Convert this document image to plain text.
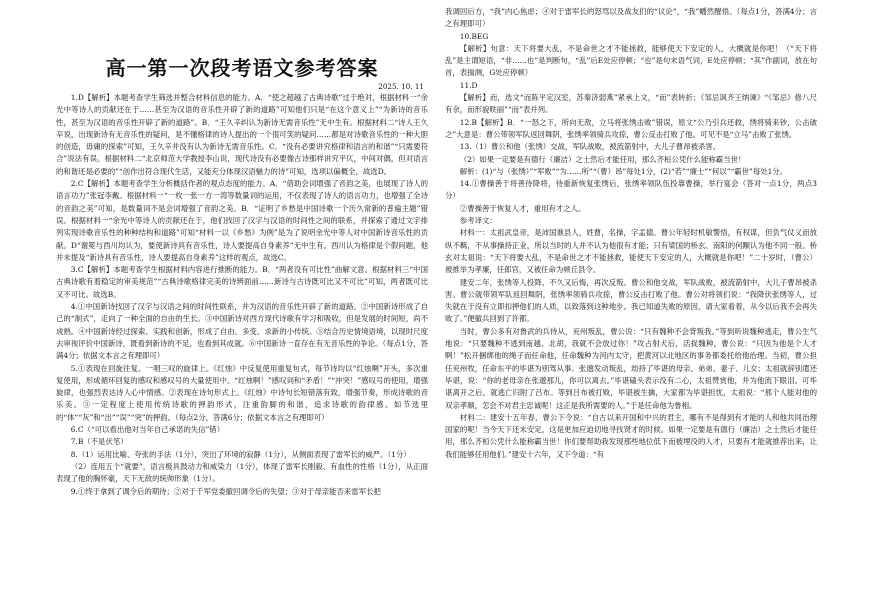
高一第一次段考语文参考答案
2025. 10. 11

1.D【解析】本题考查学生筛选并整合材料信息的能力。A．“使之超越了古典诗歌”过于绝对，根据材料一“余光中等诗人的贡献还在于……甚至为汉语的音乐性开辟了新的道路”可知他们只是“在这个意义上”“为新诗的音乐性，甚至为汉语的音乐性开辟了新的道路”。B．“王久辛纠认为新诗无需音乐性”无中生有。根据材料二“诗人王久辛说，出现新诗有无音乐性的疑问，是不懂格律的诗人提出的一个很可笑的疑问……都是对诗歌音乐性的一种大胆的创造，毋庸的探索”可知，王久辛并没有认为新诗无需音乐性。C．“没有必要讲究格律和语言的和谐”“只需要符合”说法有误。根据材料二“北京师范大学教授李山说，现代诗没有必要像古诗那样讲究平仄，中间对偶，但对语言的和谐还是必要的”“创作出符合现代生活，又能充分体现汉语魅力的诗”可知，选项以偏概全，故选D。

2.C【解析】本题考查学生分析概括作者的观点态度的能力。A．“借助会词增强了音韵之美，也展现了诗人的语言功力”张冠李戴。根据材料一“一枚一张一方一湾等数量词的运用，不仅表现了诗人的语言功力，也增强了全诗的音韵之美”可知，是数量词不是会词增强了音韵之美。B．“证明了乡愁是中国诗歌一个历久常新的普遍主题”错误。根据材料一“余光中等诗人的贡献还在于，他们找回了汉字与汉语的时间性之间的联系，并探索了通过文字排列实现诗歌音乐性的种种结构和道路”可知“材料一以《乡愁》为例”是为了说明余光中等人对中国新诗音乐性的贡献。D“谢冕与西川均认为，要使新诗具有音乐性，诗人要提高自身素养”无中生有。西川认为格律是个假问题，他并未提及“新诗具有音乐性，诗人要提高自身素养”这样的观点，故选C。

3.C【解析】本题考查学生根据材料内容进行推断的能力。B．“两者没有可比性”曲解文意。根据材料三“中国古典诗歌有着稳定的审美规范”“古典诗歌格律完美的诗辨面前……新诗与古诗既可比又不可比”可知，两者既可比又不可比。故选B。

4.①中国新诗找回了汉字与汉语之间的时间性联系，并为汉语的音乐性开辟了新的道路。②中国新诗形成了自己的“制式”，走向了一种全面的自由的生长。③中国新诗对西方现代诗歌有学习和吸收，但是发展的时间短，尚不成熟。④中国新诗经过探索、实践和创新，形成了自由、多变、求新的小传统。⑤结合历史情境语境，以现时尺度去审视评价中国新诗，既看到新诗的不足，也看到其成就。⑥中国新诗一直存在有无音乐性的争论。（每点1分，答满4分；依据文本言之有理即可）

5.①表现在回旋往复、一唱三叹的旋律上。《红烛》中反复使用重复句式，每节诗均以“红烛啊”开头，多次重复使用，形成循环回复的感叹和感叹号的大量使用中。“红烛啊！”感叹词和“矛盾！”“冲突！”感叹号的使用，增强旋律，也强烈表达诗人心中情感。②表现在诗句形式上。《红烛》中诗句长短错落有致，增强节奏，形成诗歌的音乐美。③一定程度上使用传统诗歌的押韵形式，注重韵脚的和谐，追求诗歌的韵律感。如节选里的“体”“灰”和“出”“误”“突”的押韵。（每点2分，答满6分；依据文本言之有理即可）

6.C（“可以看出他对当年自己承诺的失信”错）

7.B（不是伏笔）

8.（1）运用比喻、夸张的手法（1分），突出了环境的寂静（1分），从侧面表现了雷军长的威严。（1分）

（2）连用五个“就要”，语言极具鼓动力和威染力（1分），体现了雷军长刚毅、有血性的性格（1分），从正面表现了他的胸怀豪，天下无敌的统帅形象（1分）。

9.①终于拿到了调令后的期待；②对于千军党委撤回调令后的失望；③对于母亲能否来雷军长把

我调回后方，“我”内心焦虑；④对于雷军长的怒骂以及战友们的“议论”，“我”幡然醒悟。（每点1分，答满4分；言之有理即可）

10.BEG

【解析】句意：天下将要大乱，不是命世之才不能拯救，能够使天下安定的人，大概就是你吧！（“天下将乱”是主谓短语，“非……也”是判断句，“乱”后E处应停顿；“也”是句末语气词，E处应停顿；“其”作副词，放在句首，表揣测，G处应停顿）

11.D

【解析】而，选文“而陈平定汉室，苏秦济弱燕”紧承上文，“而”表转折；《邹忌讽齐王纳谏》“《邹忌》修八尺有余，而形貌昳丽”“而”表并列。

12.B【解析】B．“一怒之下，所向无敌，立马将张绣击败”错误，原文“公乃引兵还救，绣将骑来钞，公击破之”大意是：曹公带领军队返回舞阴，张绣率领骑兵攻掠，曹公反击打败了他。可见不是“立马”击败了张绣。

13.（1）曹公和他（张绣）交战，军队战败，被流箭射中，大儿子曹昂被杀害。

（2）如果一定要是有德行（廉洁）之士然后才能任用，那么齐桓公凭什么能称霸当世！

解析：(1)“与（张绣）”“军败”“为……所”“（曹）昂”每处1分，(2)“若”“廉士”“何以”“霸世”每处1分。

14.①曹操善于将善待降将，待重新恢复张绣后，张绣率领队伍投靠曹操，举行宴会（答对一点1分，两点3分）

②曹操善于恢复人才，重用有才之人。

参考译文：

材料一：太祖武皇帝，是沛国谯县人，姓曹，名操，字孟德。曹公年轻时机敏警悟，有权谋，但负气仗义而放纵不羁，不从事操持正业，所以当时的人并不认为他很有才能；只有梁国的桥玄、南阳的何颙认为他不同一般。桥玄对太祖说：“天下将要大乱，不是命世之才不能拯救，能使天下安定的人，大概就是你吧！”二十岁时，（曹公）被推举为孝廉，任郎官，又被任命为顿丘县令。

建安二年，张绣等人投降。不久又后悔，再次反叛。曹公和他交战，军队战败，被流箭射中，大儿子曹昂被杀害。曹公就带领军队返回舞阴，张绣率领骑兵攻掠，曹公反击打败了他。曹公对将领们说：“我降伏张绣等人，过失就在于没有立即扣押他们的人质，以致落到这种地步。我已知道失败的原因，请大家看着，从今以后我不会再失败了。”便撤兵回到了许都。

当时，曹公多有对鲁武的兵侍从，兖州叛乱，曹公说：“只有魏种不会背叛我。”等到听说魏种逃走，曹公生气地说：“只要魏种不逃到南越、北胡，我就不会放过你！”攻占射犬后，活捉魏种，曹公说：“只因为他是个人才啊！”松开捆绑他的绳子而任命他，任命魏种为河内太守，把黄河以北地区的事务都委托给他治理。当初，曹公担任兖州牧，任命东平的毕谌为别驾从事。张邈发动叛乱，劫持了毕谌的母亲、弟弟、妻子、儿女；太祖就辞别遣还毕谌，说：“你的老母亲在张邈那儿，你可以离去。”毕谌磕头表示没有二心，太祖赞赏他，并为他流下眼泪。可毕谌离开之后，就逃亡归附了吕布。等到吕布被打败，毕谌被生擒，大家都为毕谌担忧，太祖说：“那个人能对他的双亲孝顺，怎会不对君主忠诚呢！这正是我所需要的人。”于是任命他为鲁相。

材料二：建安十五年春，曹公下令说：“自古以来开国和中兴的君主，哪有不是得到有才能的人和他共同治理国家的呢！当今天下还未安定，这是更加应迫切地寻找贤才的时候。如果一定要是有德行（廉洁）之士然后才能任用，那么齐桓公凭什么能称霸当世！你们要帮助我发现那些地位低下而被埋没的人才，只要有才能就推荐出来，让我们能够任用他们。”建安十六年，又下令道：“有
